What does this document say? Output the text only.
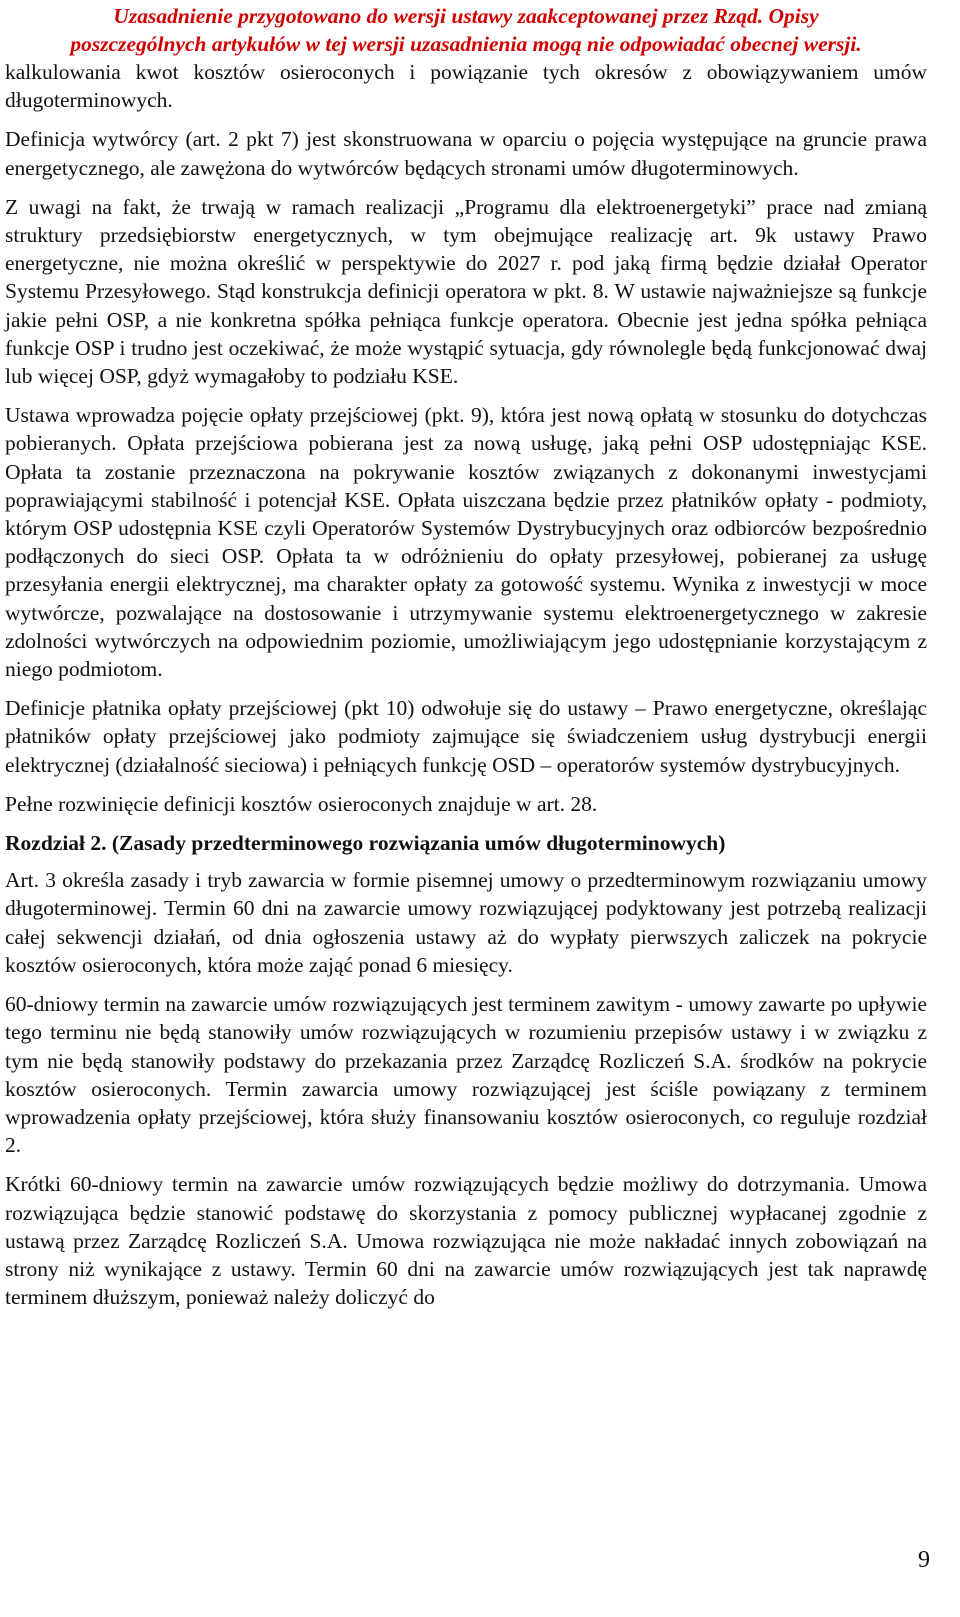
Uzasadnienie przygotowano do wersji ustawy zaakceptowanej przez Rząd. Opisy

poszczególnych artykułów w tej wersji uzasadnienia mogą nie odpowiadać obecnej wersji.

kalkulowania kwot kosztów osieroconych i powiązanie tych okresów z obowiązywaniem umów długoterminowych.

Definicja wytwórcy (art. 2 pkt 7) jest skonstruowana w oparciu o pojęcia występujące na gruncie prawa energetycznego, ale zawężona do wytwórców będących stronami umów długoterminowych.

Z uwagi na fakt, że trwają w ramach realizacji „Programu dla elektroenergetyki” prace nad zmianą struktury przedsiębiorstw energetycznych, w tym obejmujące realizację art. 9k ustawy Prawo energetyczne, nie można określić w perspektywie do 2027 r. pod jaką firmą będzie działał Operator Systemu Przesyłowego. Stąd konstrukcja definicji operatora w pkt. 8. W ustawie najważniejsze są funkcje jakie pełni OSP, a nie konkretna spółka pełniąca funkcje operatora. Obecnie jest jedna spółka pełniąca funkcje OSP i trudno jest oczekiwać, że może wystąpić sytuacja, gdy równolegle będą funkcjonować dwaj lub więcej OSP, gdyż wymagałoby to podziału KSE.

Ustawa wprowadza pojęcie opłaty przejściowej (pkt. 9), która jest nową opłatą w stosunku do dotychczas pobieranych. Opłata przejściowa pobierana jest za nową usługę, jaką pełni OSP udostępniając KSE. Opłata ta zostanie przeznaczona na pokrywanie kosztów związanych z dokonanymi inwestycjami poprawiającymi stabilność i potencjał KSE. Opłata uiszczana będzie przez płatników opłaty - podmioty, którym OSP udostępnia KSE czyli Operatorów Systemów Dystrybucyjnych oraz odbiorców bezpośrednio podłączonych do sieci OSP. Opłata ta w odróżnieniu do opłaty przesyłowej, pobieranej za usługę przesyłania energii elektrycznej, ma charakter opłaty za gotowość systemu. Wynika z inwestycji w moce wytwórcze, pozwalające na dostosowanie i utrzymywanie systemu elektroenergetycznego w zakresie zdolności wytwórczych na odpowiednim poziomie, umożliwiającym jego udostępnianie korzystającym z niego podmiotom.

Definicje płatnika opłaty przejściowej (pkt 10) odwołuje się do ustawy – Prawo energetyczne, określając płatników opłaty przejściowej jako podmioty zajmujące się świadczeniem usług dystrybucji energii elektrycznej (działalność sieciowa) i pełniących funkcję OSD – operatorów systemów dystrybucyjnych.

Pełne rozwinięcie definicji kosztów osieroconych znajduje w art. 28.

Rozdział 2. (Zasady przedterminowego rozwiązania umów długoterminowych)

Art. 3 określa zasady i tryb zawarcia w formie pisemnej umowy o przedterminowym rozwiązaniu umowy długoterminowej. Termin 60 dni na zawarcie umowy rozwiązującej podyktowany jest potrzebą realizacji całej sekwencji działań, od dnia ogłoszenia ustawy aż do wypłaty pierwszych zaliczek na pokrycie kosztów osieroconych, która może zająć ponad 6 miesięcy.

60-dniowy termin na zawarcie umów rozwiązujących jest terminem zawitym - umowy zawarte po upływie tego terminu nie będą stanowiły umów rozwiązujących w rozumieniu przepisów ustawy i w związku z tym nie będą stanowiły podstawy do przekazania przez Zarządcę Rozliczeń S.A. środków na pokrycie kosztów osieroconych. Termin zawarcia umowy rozwiązującej jest ściśle powiązany z terminem wprowadzenia opłaty przejściowej, która służy finansowaniu kosztów osieroconych, co reguluje rozdział 2.

Krótki 60-dniowy termin na zawarcie umów rozwiązujących będzie możliwy do dotrzymania. Umowa rozwiązująca będzie stanowić podstawę do skorzystania z pomocy publicznej wypłacanej zgodnie z ustawą przez Zarządcę Rozliczeń S.A. Umowa rozwiązująca nie może nakładać innych zobowiązań na strony niż wynikające z ustawy. Termin 60 dni na zawarcie umów rozwiązujących jest tak naprawdę terminem dłuższym, ponieważ należy doliczyć do

9
